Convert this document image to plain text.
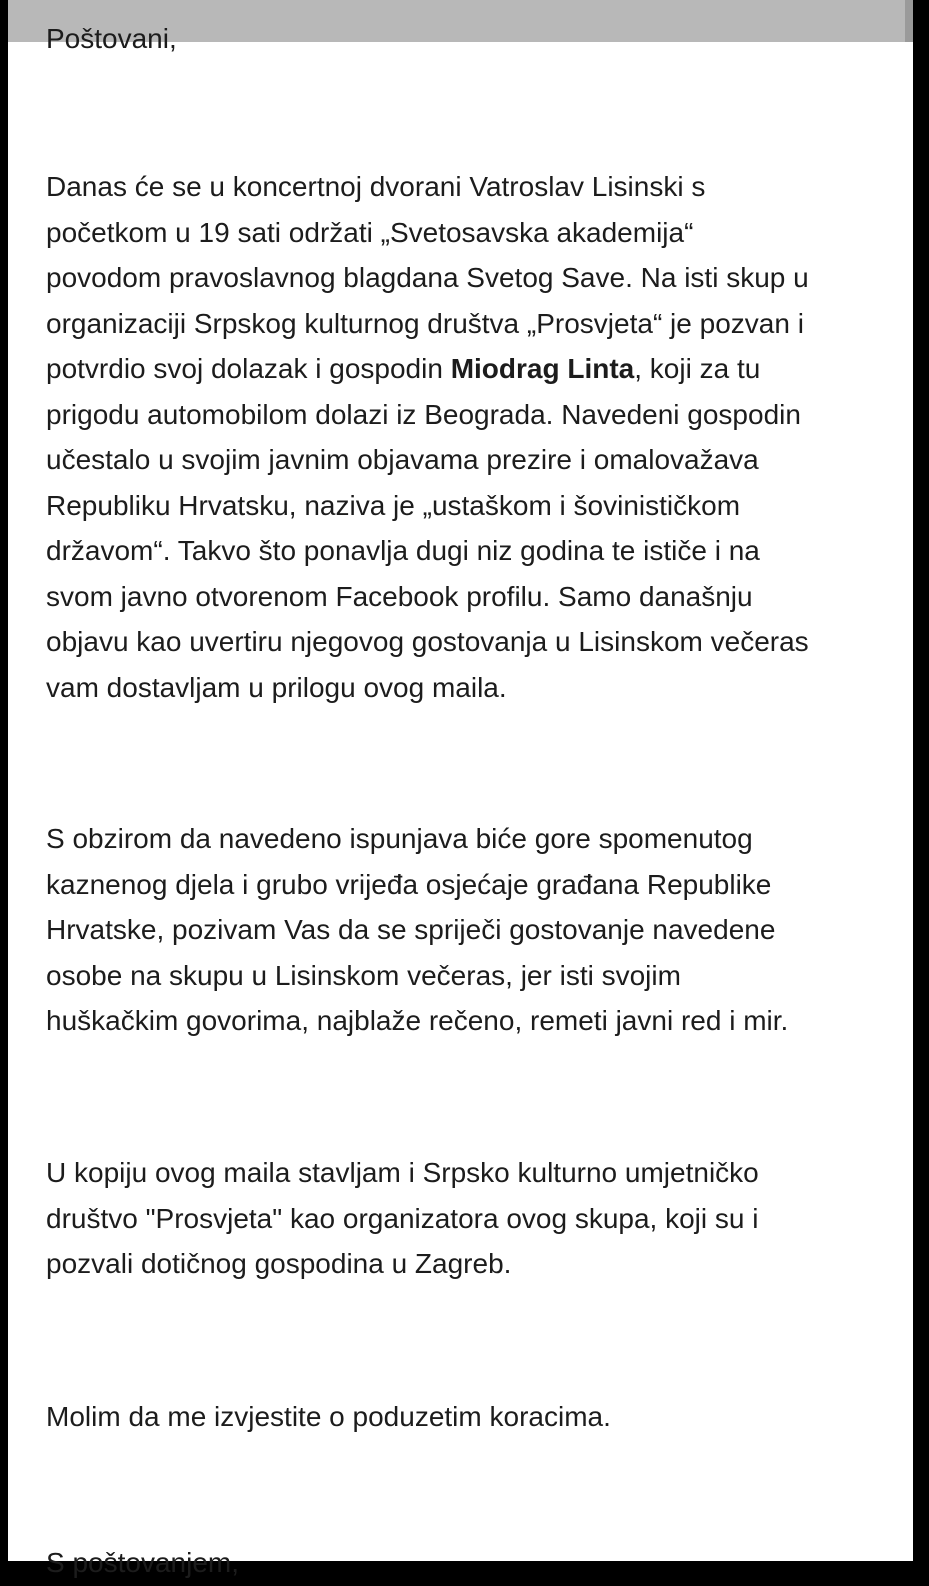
Poštovani,
Danas će se u koncertnoj dvorani Vatroslav Lisinski s
početkom u 19 sati održati „Svetosavska akademija“
povodom pravoslavnog blagdana Svetog Save. Na isti skup u
organizaciji Srpskog kulturnog društva „Prosvjeta“ je pozvan i
potvrdio svoj dolazak i gospodin Miodrag Linta, koji za tu
prigodu automobilom dolazi iz Beograda. Navedeni gospodin
učestalo u svojim javnim objavama prezire i omalovažava
Republiku Hrvatsku, naziva je „ustaškom i šovinističkom
državom“. Takvo što ponavlja dugi niz godina te ističe i na
svom javno otvorenom Facebook profilu. Samo današnju
objavu kao uvertiru njegovog gostovanja u Lisinskom večeras
vam dostavljam u prilogu ovog maila.
S obzirom da navedeno ispunjava biće gore spomenutog
kaznenog djela i grubo vrijeđa osjećaje građana Republike
Hrvatske, pozivam Vas da se spriječi gostovanje navedene
osobe na skupu u Lisinskom večeras, jer isti svojim
huškačkim govorima, najblaže rečeno, remeti javni red i mir.
U kopiju ovog maila stavljam i Srpsko kulturno umjetničko
društvo "Prosvjeta" kao organizatora ovog skupa, koji su i
pozvali dotičnog gospodina u Zagreb.
Molim da me izvjestite o poduzetim koracima.
S poštovanjem,
